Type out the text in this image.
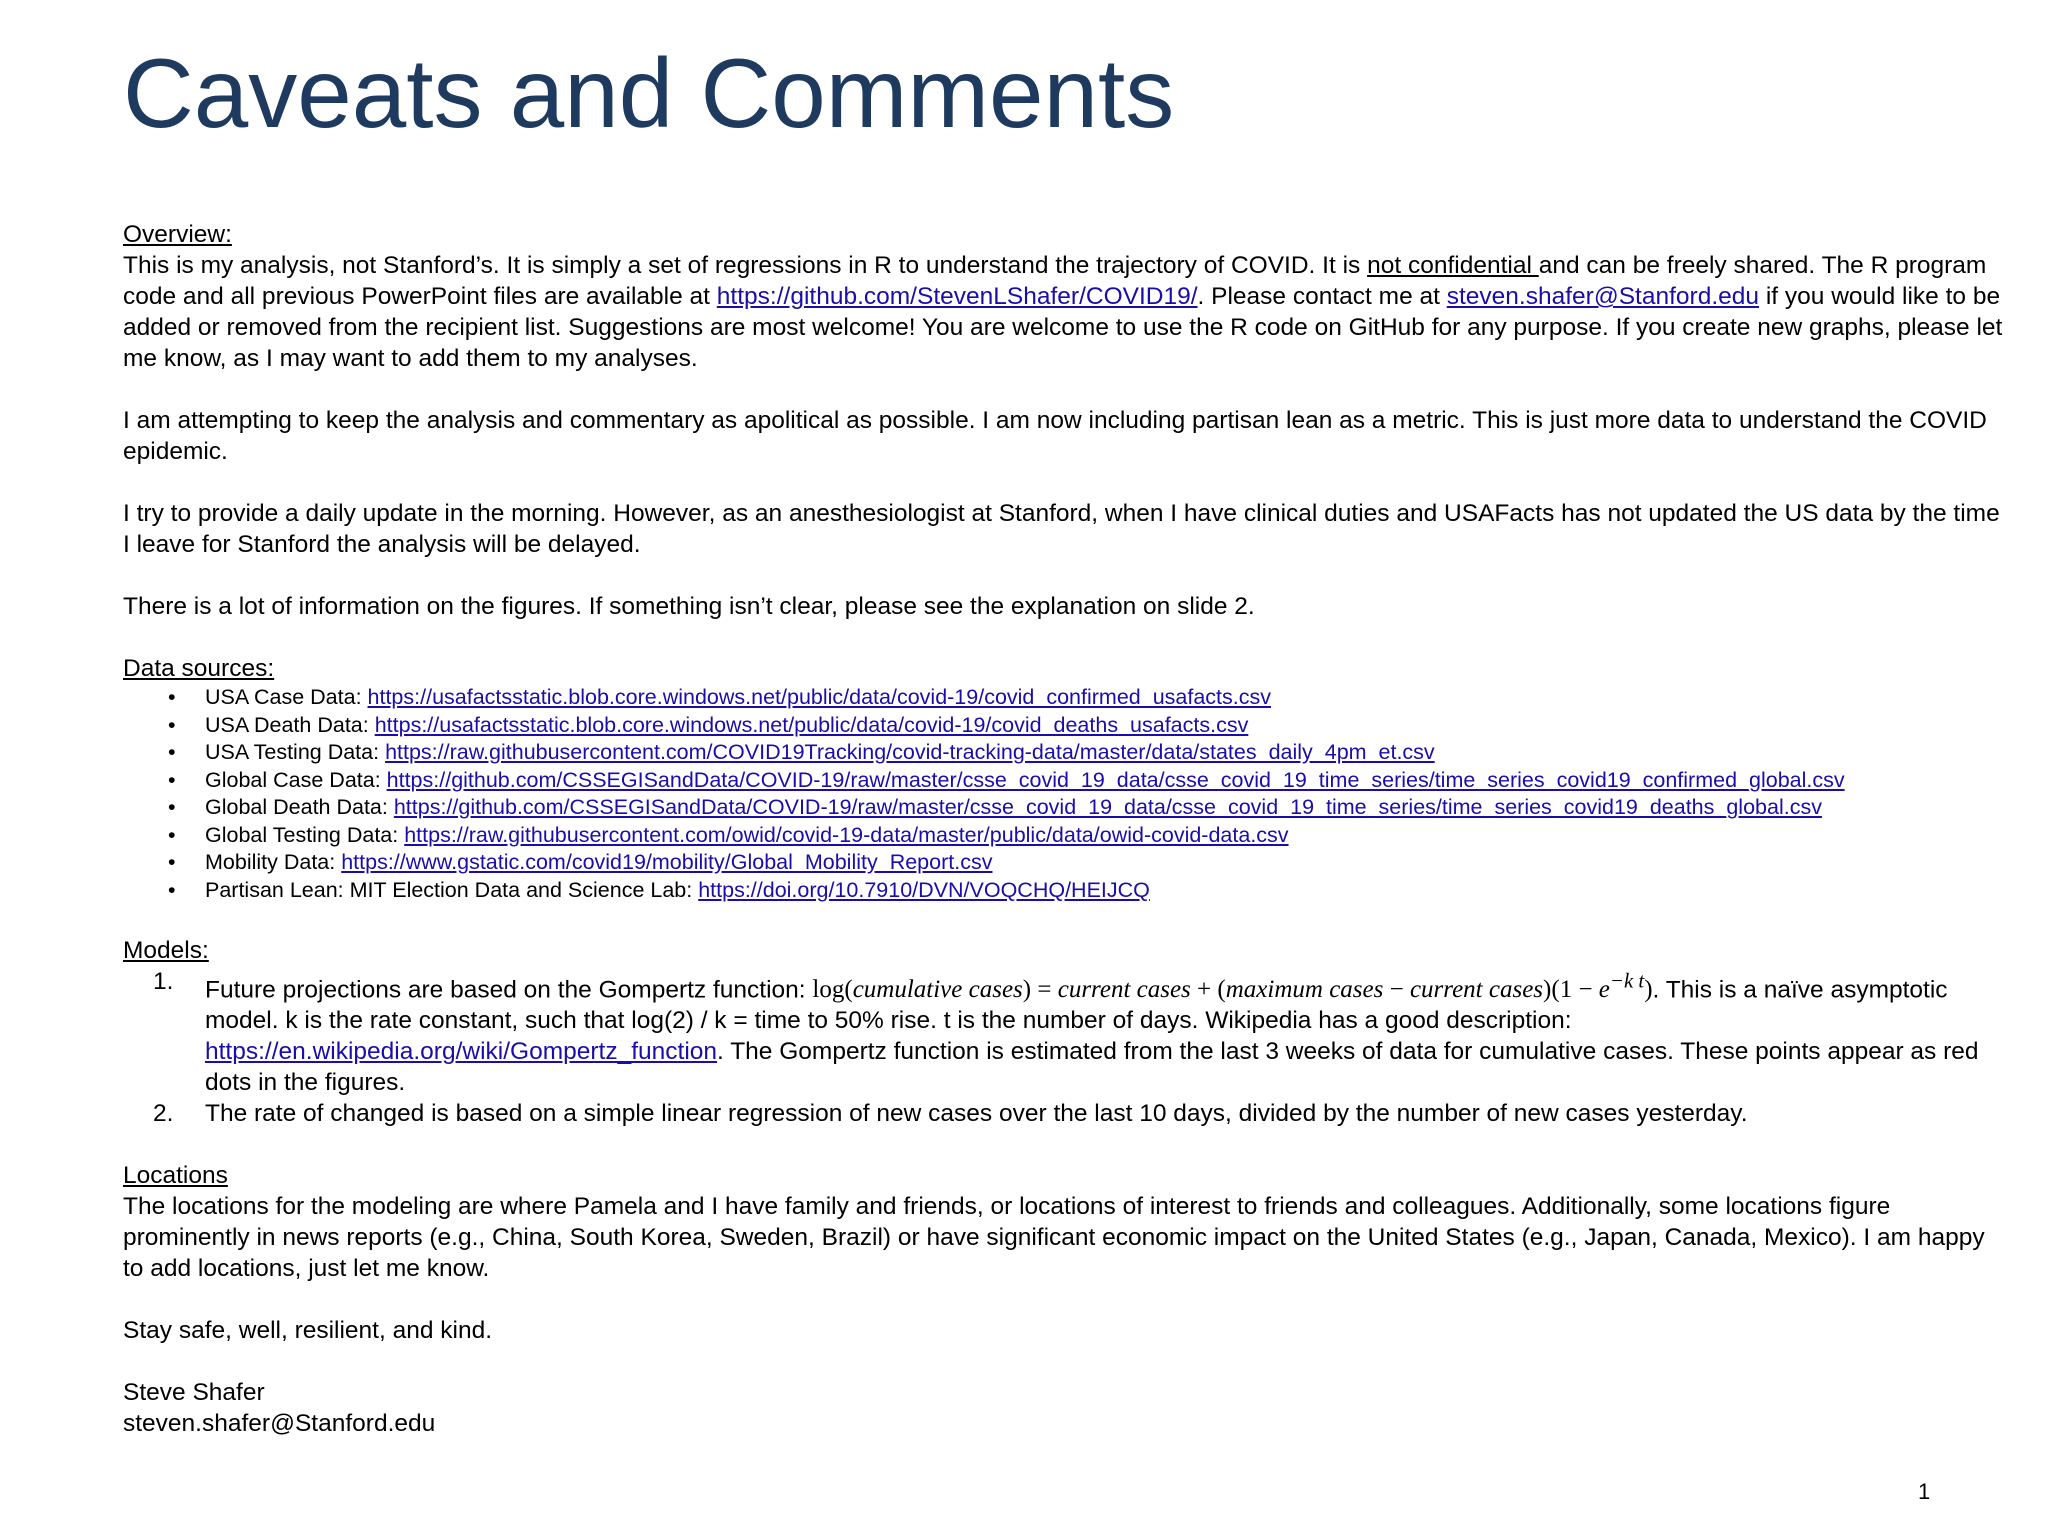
Caveats and Comments

Overview:

This is my analysis, not Stanford’s. It is simply a set of regressions in R to understand the trajectory of COVID. It is not confidential and can be freely shared. The R program code and all previous PowerPoint files are available at https://github.com/StevenLShafer/COVID19/. Please contact me at steven.shafer@Stanford.edu if you would like to be added or removed from the recipient list. Suggestions are most welcome! You are welcome to use the R code on GitHub for any purpose. If you create new graphs, please let me know, as I may want to add them to my analyses.

I am attempting to keep the analysis and commentary as apolitical as possible. I am now including partisan lean as a metric. This is just more data to understand the COVID epidemic.

I try to provide a daily update in the morning. However, as an anesthesiologist at Stanford, when I have clinical duties and USAFacts has not updated the US data by the time I leave for Stanford the analysis will be delayed.

There is a lot of information on the figures. If something isn’t clear, please see the explanation on slide 2.

Data sources:

• USA Case Data: https://usafactsstatic.blob.core.windows.net/public/data/covid-19/covid_confirmed_usafacts.csv
• USA Death Data: https://usafactsstatic.blob.core.windows.net/public/data/covid-19/covid_deaths_usafacts.csv
• USA Testing Data: https://raw.githubusercontent.com/COVID19Tracking/covid-tracking-data/master/data/states_daily_4pm_et.csv
• Global Case Data: https://github.com/CSSEGISandData/COVID-19/raw/master/csse_covid_19_data/csse_covid_19_time_series/time_series_covid19_confirmed_global.csv
• Global Death Data: https://github.com/CSSEGISandData/COVID-19/raw/master/csse_covid_19_data/csse_covid_19_time_series/time_series_covid19_deaths_global.csv
• Global Testing Data: https://raw.githubusercontent.com/owid/covid-19-data/master/public/data/owid-covid-data.csv
• Mobility Data: https://www.gstatic.com/covid19/mobility/Global_Mobility_Report.csv
• Partisan Lean: MIT Election Data and Science Lab: https://doi.org/10.7910/DVN/VOQCHQ/HEIJCQ

Models:

1. Future projections are based on the Gompertz function: log(cumulative cases) = current cases + (maximum cases − current cases)(1 − $e^{-k t}$). This is a naïve asymptotic model. k is the rate constant, such that log(2) / k = time to 50% rise. t is the number of days. Wikipedia has a good description: https://en.wikipedia.org/wiki/Gompertz_function. The Gompertz function is estimated from the last 3 weeks of data for cumulative cases. These points appear as red dots in the figures.
2. The rate of changed is based on a simple linear regression of new cases over the last 10 days, divided by the number of new cases yesterday.

Locations

The locations for the modeling are where Pamela and I have family and friends, or locations of interest to friends and colleagues. Additionally, some locations figure prominently in news reports (e.g., China, South Korea, Sweden, Brazil) or have significant economic impact on the United States (e.g., Japan, Canada, Mexico). I am happy to add locations, just let me know.

Stay safe, well, resilient, and kind.

Steve Shafer

steven.shafer@Stanford.edu

1
